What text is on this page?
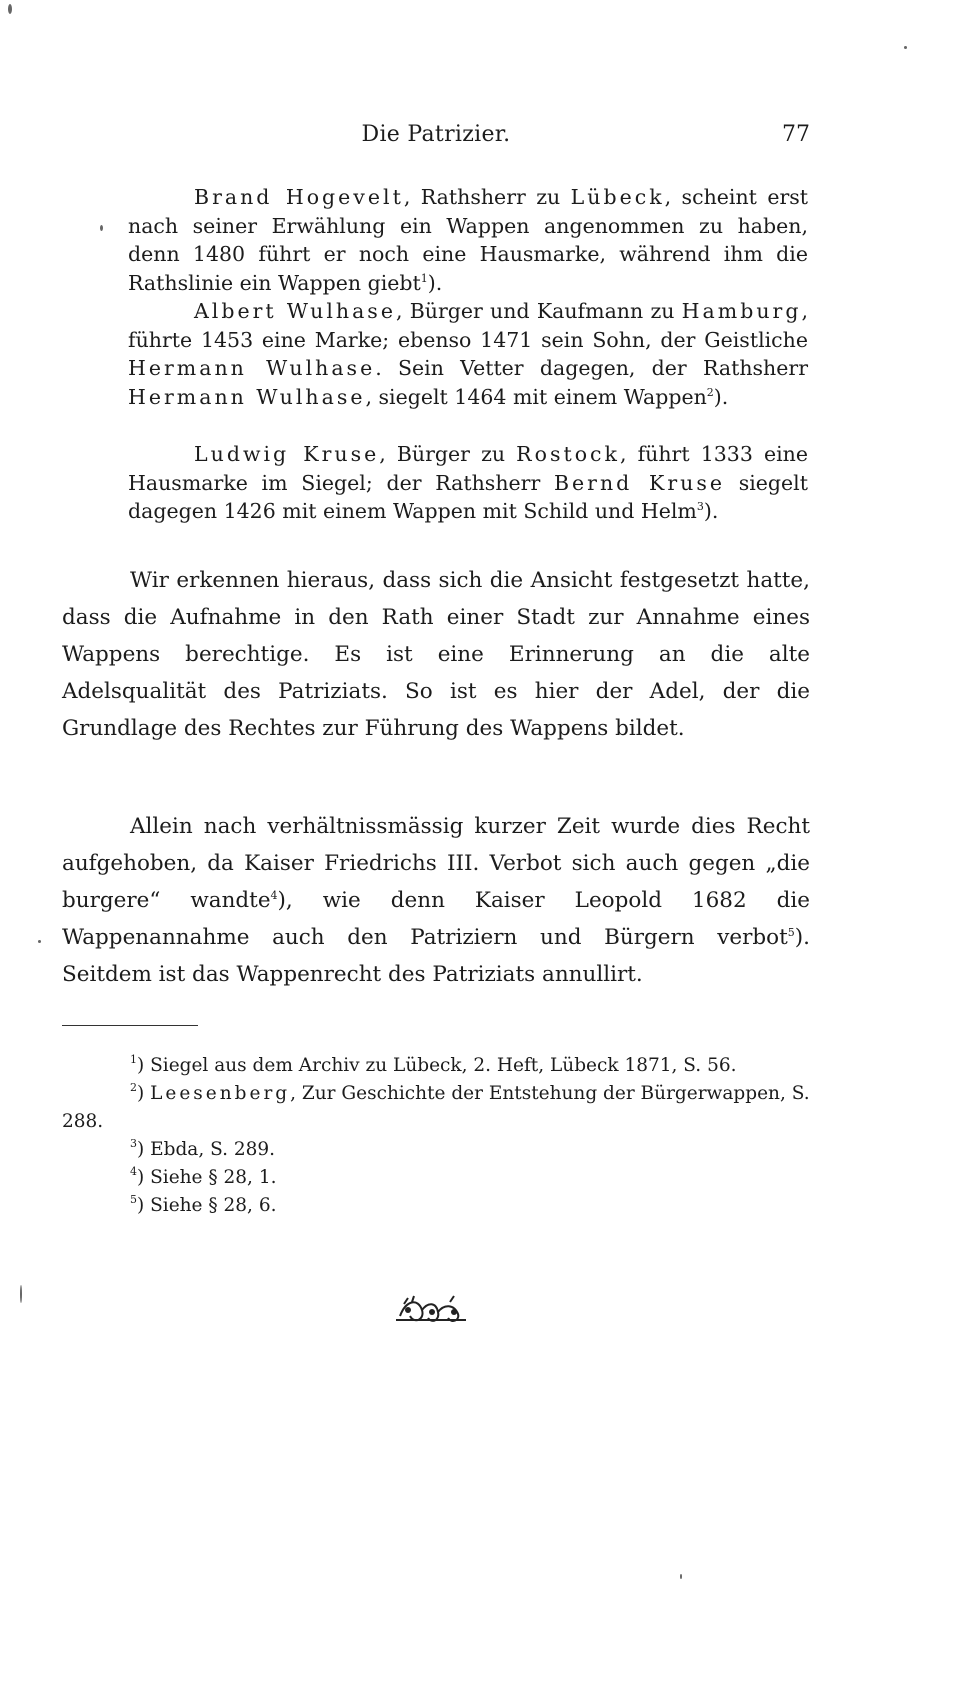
Die Patrizier.	77

Brand Hogevelt, Rathsherr zu Lübeck, scheint erst nach seiner Erwählung ein Wappen angenommen zu haben, denn 1480 führt er noch eine Hausmarke, während ihm die Rathslinie ein Wappen giebt$^1$).

Albert Wulhase, Bürger und Kaufmann zu Hamburg, führte 1453 eine Marke; ebenso 1471 sein Sohn, der Geistliche Hermann Wulhase. Sein Vetter dagegen, der Rathsherr Hermann Wulhase, siegelt 1464 mit einem Wappen$^2$).

Ludwig Kruse, Bürger zu Rostock, führt 1333 eine Hausmarke im Siegel; der Rathsherr Bernd Kruse siegelt dagegen 1426 mit einem Wappen mit Schild und Helm$^3$).

Wir erkennen hieraus, dass sich die Ansicht festgesetzt hatte, dass die Aufnahme in den Rath einer Stadt zur Annahme eines Wappens berechtige. Es ist eine Erinnerung an die alte Adelsqualität des Patriziats. So ist es hier der Adel, der die Grundlage des Rechtes zur Führung des Wappens bildet.

Allein nach verhältnissmässig kurzer Zeit wurde dies Recht aufgehoben, da Kaiser Friedrichs III. Verbot sich auch gegen „die burgere“ wandte$^4$), wie denn Kaiser Leopold 1682 die Wappenannahme auch den Patriziern und Bürgern verbot$^5$). Seitdem ist das Wappenrecht des Patriziats annullirt.

$^1$) Siegel aus dem Archiv zu Lübeck, 2. Heft, Lübeck 1871, S. 56.

$^2$) Leesenberg, Zur Geschichte der Entstehung der Bürgerwappen, S. 288.

$^3$) Ebda, S. 289.

$^4$) Siehe § 28, 1.

$^5$) Siehe § 28, 6.
